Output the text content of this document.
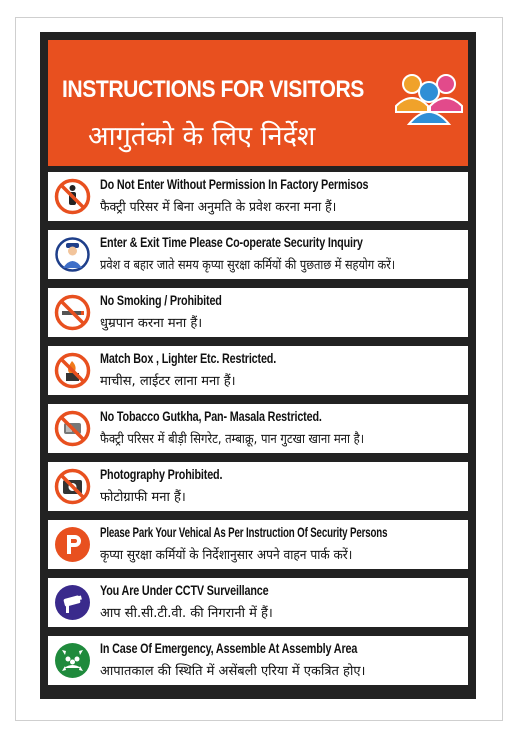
INSTRUCTIONS FOR VISITORS
आगुतंको के लिए निर्देश
Do Not Enter Without Permission In Factory Permisos
फैक्ट्री परिसर में बिना अनुमति के प्रवेश करना मना हैं।
Enter & Exit Time Please Co-operate Security Inquiry
प्रवेश व बहार जाते समय कृप्या सुरक्षा कर्मियों की पुछताछ में सहयोग करें।
No Smoking / Prohibited
धुम्रपान करना मना हैं।
Match Box , Lighter Etc. Restricted.
माचीस, लाईटर लाना मना हैं।
No Tobacco Gutkha, Pan- Masala Restricted.
फैक्ट्री परिसर में बीड़ी सिगरेट, तम्बाक्रू, पान गुटखा खाना मना है।
Photography Prohibited.
फोटोग्राफी मना हैं।
Please Park Your Vehical As Per Instruction Of Security Persons
कृप्या सुरक्षा कर्मियों के निर्देशानुसार अपने वाहन पार्क करें।
You Are Under CCTV Surveillance
आप सी.सी.टी.वी. की निगरानी में हैं।
In Case Of Emergency, Assemble At Assembly Area
आपातकाल की स्थिति में असेंबली एरिया में एकत्रित होए।
